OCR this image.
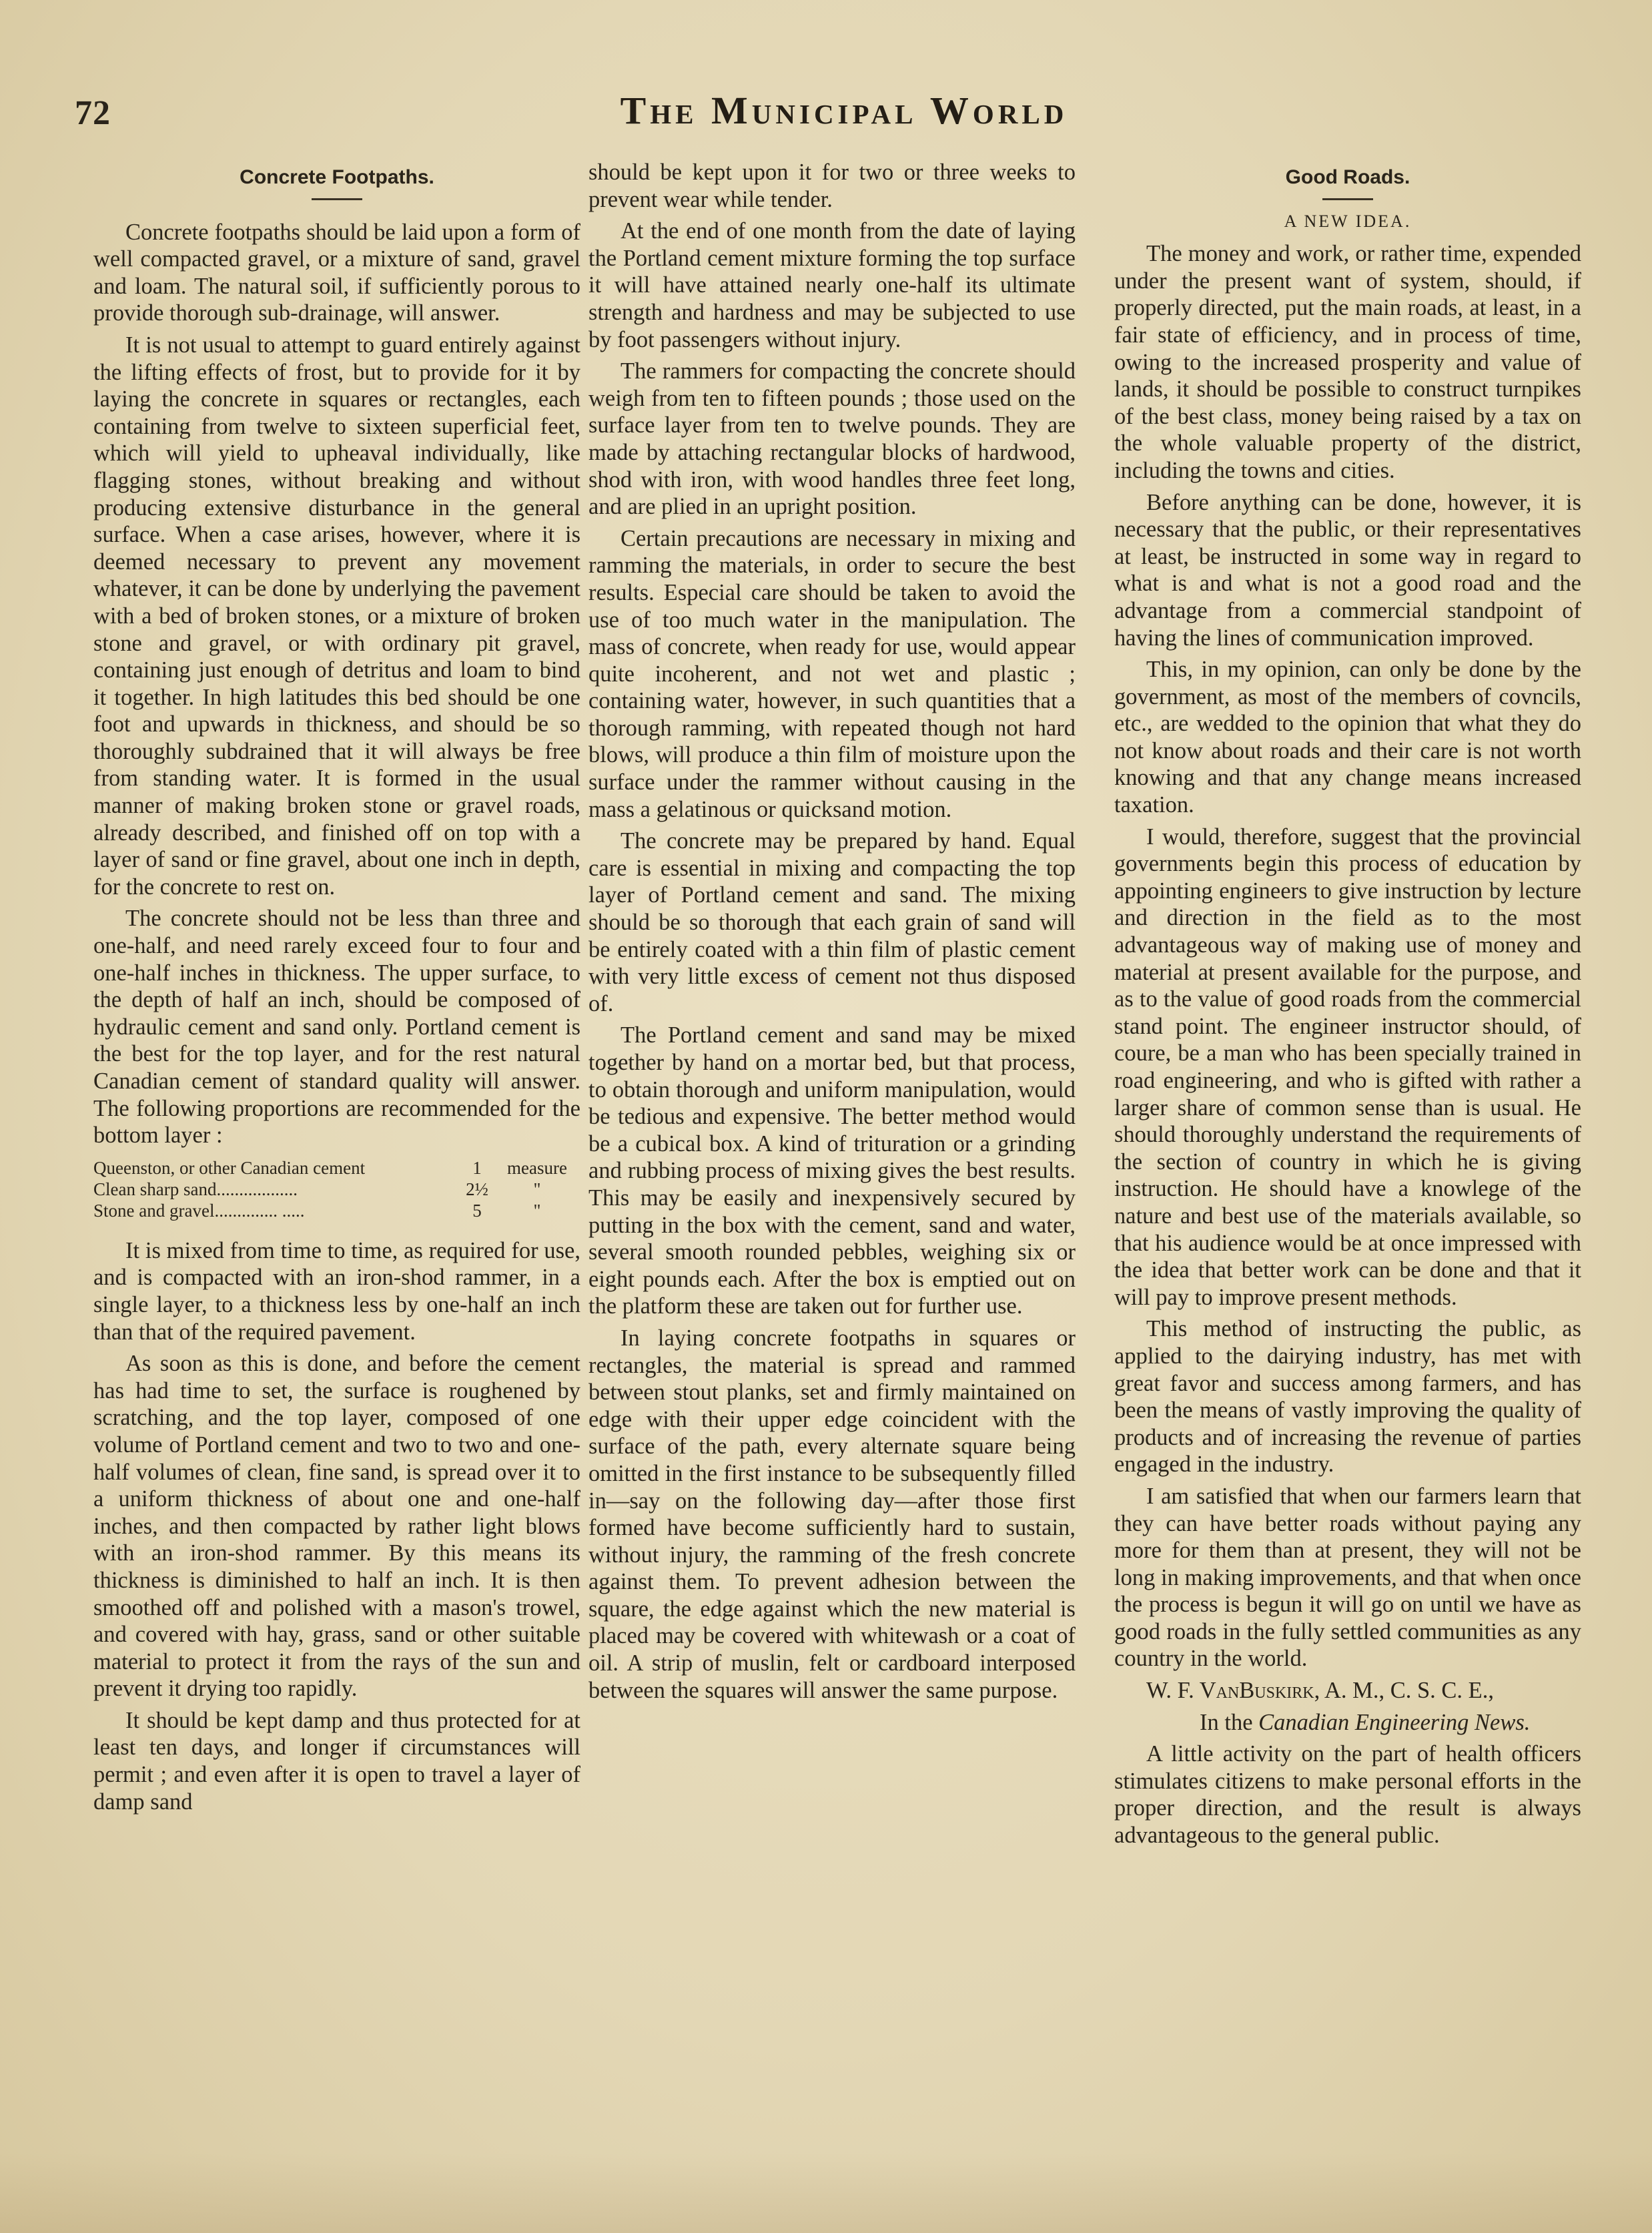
72	The Municipal World
Concrete Footpaths.

Concrete footpaths should be laid upon a form of well compacted gravel, or a mixture of sand, gravel and loam. The natural soil, if sufficiently porous to provide thorough sub-drainage, will answer.

It is not usual to attempt to guard entirely against the lifting effects of frost, but to provide for it by laying the concrete in squares or rectangles, each containing from twelve to sixteen superficial feet, which will yield to upheaval individually, like flagging stones, without breaking and without producing extensive disturbance in the general surface. When a case arises, however, where it is deemed necessary to prevent any movement whatever, it can be done by underlying the pavement with a bed of broken stones, or a mixture of broken stone and gravel, or with ordinary pit gravel, containing just enough of detritus and loam to bind it together. In high latitudes this bed should be one foot and upwards in thickness, and should be so thoroughly subdrained that it will always be free from standing water. It is formed in the usual manner of making broken stone or gravel roads, already described, and finished off on top with a layer of sand or fine gravel, about one inch in depth, for the concrete to rest on.

The concrete should not be less than three and one-half, and need rarely exceed four to four and one-half inches in thickness. The upper surface, to the depth of half an inch, should be composed of hydraulic cement and sand only. Portland cement is the best for the top layer, and for the rest natural Canadian cement of standard quality will answer. The following proportions are recommended for the bottom layer :

Queenston, or other Canadian cement	1	measure
Clean sharp sand..................	2½	"
Stone and gravel.............. .....	5	"

It is mixed from time to time, as required for use, and is compacted with an iron-shod rammer, in a single layer, to a thickness less by one-half an inch than that of the required pavement.

As soon as this is done, and before the cement has had time to set, the surface is roughened by scratching, and the top layer, composed of one volume of Portland cement and two to two and one-half volumes of clean, fine sand, is spread over it to a uniform thickness of about one and one-half inches, and then compacted by rather light blows with an iron-shod rammer. By this means its thickness is diminished to half an inch. It is then smoothed off and polished with a mason's trowel, and covered with hay, grass, sand or other suitable material to protect it from the rays of the sun and prevent it drying too rapidly.

It should be kept damp and thus protected for at least ten days, and longer if circumstances will permit ; and even after it is open to travel a layer of damp sand

should be kept upon it for two or three weeks to prevent wear while tender.

At the end of one month from the date of laying the Portland cement mixture forming the top surface it will have attained nearly one-half its ultimate strength and hardness and may be subjected to use by foot passengers without injury.

The rammers for compacting the concrete should weigh from ten to fifteen pounds ; those used on the surface layer from ten to twelve pounds. They are made by attaching rectangular blocks of hardwood, shod with iron, with wood handles three feet long, and are plied in an upright position.

Certain precautions are necessary in mixing and ramming the materials, in order to secure the best results. Especial care should be taken to avoid the use of too much water in the manipulation. The mass of concrete, when ready for use, would appear quite incoherent, and not wet and plastic ; containing water, however, in such quantities that a thorough ramming, with repeated though not hard blows, will produce a thin film of moisture upon the surface under the rammer without causing in the mass a gelatinous or quicksand motion.

The concrete may be prepared by hand. Equal care is essential in mixing and compacting the top layer of Portland cement and sand. The mixing should be so thorough that each grain of sand will be entirely coated with a thin film of plastic cement with very little excess of cement not thus disposed of.

The Portland cement and sand may be mixed together by hand on a mortar bed, but that process, to obtain thorough and uniform manipulation, would be tedious and expensive. The better method would be a cubical box. A kind of trituration or a grinding and rubbing process of mixing gives the best results. This may be easily and inexpensively secured by putting in the box with the cement, sand and water, several smooth rounded pebbles, weighing six or eight pounds each. After the box is emptied out on the platform these are taken out for further use.

In laying concrete footpaths in squares or rectangles, the material is spread and rammed between stout planks, set and firmly maintained on edge with their upper edge coincident with the surface of the path, every alternate square being omitted in the first instance to be subsequently filled in—say on the following day—after those first formed have become sufficiently hard to sustain, without injury, the ramming of the fresh concrete against them. To prevent adhesion between the square, the edge against which the new material is placed may be covered with whitewash or a coat of oil. A strip of muslin, felt or cardboard interposed between the squares will answer the same purpose.

Good Roads.
A NEW IDEA.

The money and work, or rather time, expended under the present want of system, should, if properly directed, put the main roads, at least, in a fair state of efficiency, and in process of time, owing to the increased prosperity and value of lands, it should be possible to construct turnpikes of the best class, money being raised by a tax on the whole valuable property of the district, including the towns and cities.

Before anything can be done, however, it is necessary that the public, or their representatives at least, be instructed in some way in regard to what is and what is not a good road and the advantage from a commercial standpoint of having the lines of communication improved.

This, in my opinion, can only be done by the government, as most of the members of covncils, etc., are wedded to the opinion that what they do not know about roads and their care is not worth knowing and that any change means increased taxation.

I would, therefore, suggest that the provincial governments begin this process of education by appointing engineers to give instruction by lecture and direction in the field as to the most advantageous way of making use of money and material at present available for the purpose, and as to the value of good roads from the commercial stand point. The engineer instructor should, of coure, be a man who has been specially trained in road engineering, and who is gifted with rather a larger share of common sense than is usual. He should thoroughly understand the requirements of the section of country in which he is giving instruction. He should have a knowlege of the nature and best use of the materials available, so that his audience would be at once impressed with the idea that better work can be done and that it will pay to improve present methods.

This method of instructing the public, as applied to the dairying industry, has met with great favor and success among farmers, and has been the means of vastly improving the quality of products and of increasing the revenue of parties engaged in the industry.

I am satisfied that when our farmers learn that they can have better roads without paying any more for them than at present, they will not be long in making improvements, and that when once the process is begun it will go on until we have as good roads in the fully settled communities as any country in the world.

W. F. VanBuskirk, A. M., C. S. C. E.,

In the Canadian Engineering News.

A little activity on the part of health officers stimulates citizens to make personal efforts in the proper direction, and the result is always advantageous to the general public.
